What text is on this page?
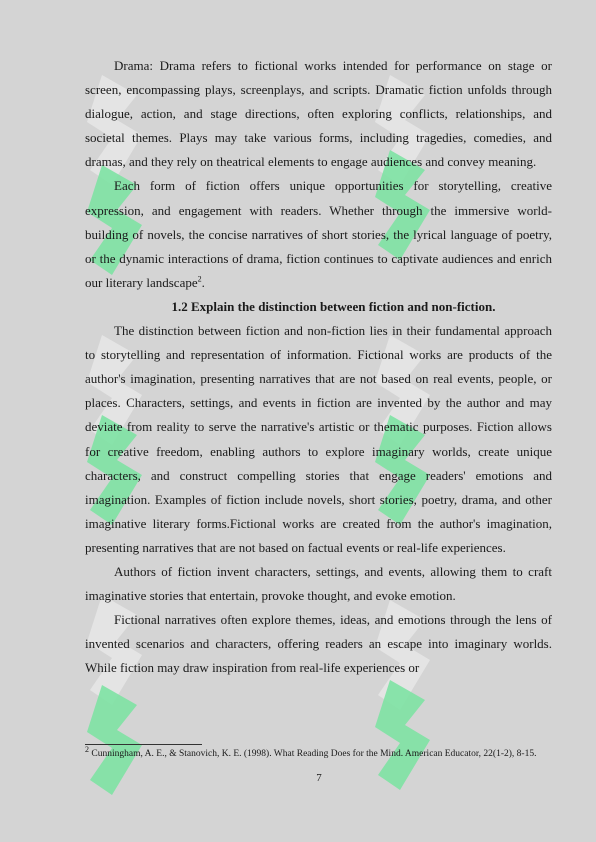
Drama: Drama refers to fictional works intended for performance on stage or screen, encompassing plays, screenplays, and scripts. Dramatic fiction unfolds through dialogue, action, and stage directions, often exploring conflicts, relationships, and societal themes. Plays may take various forms, including tragedies, comedies, and dramas, and they rely on theatrical elements to engage audiences and convey meaning.

Each form of fiction offers unique opportunities for storytelling, creative expression, and engagement with readers. Whether through the immersive world-building of novels, the concise narratives of short stories, the lyrical language of poetry, or the dynamic interactions of drama, fiction continues to captivate audiences and enrich our literary landscape$^2$.

1.2 Explain the distinction between fiction and non-fiction.

The distinction between fiction and non-fiction lies in their fundamental approach to storytelling and representation of information. Fictional works are products of the author's imagination, presenting narratives that are not based on real events, people, or places. Characters, settings, and events in fiction are invented by the author and may deviate from reality to serve the narrative's artistic or thematic purposes. Fiction allows for creative freedom, enabling authors to explore imaginary worlds, create unique characters, and construct compelling stories that engage readers' emotions and imagination. Examples of fiction include novels, short stories, poetry, drama, and other imaginative literary forms.Fictional works are created from the author's imagination, presenting narratives that are not based on factual events or real-life experiences.

Authors of fiction invent characters, settings, and events, allowing them to craft imaginative stories that entertain, provoke thought, and evoke emotion.

Fictional narratives often explore themes, ideas, and emotions through the lens of invented scenarios and characters, offering readers an escape into imaginary worlds. While fiction may draw inspiration from real-life experiences or

$^2$ Cunningham, A. E., & Stanovich, K. E. (1998). What Reading Does for the Mind. American Educator, 22(1-2), 8-15.
7
